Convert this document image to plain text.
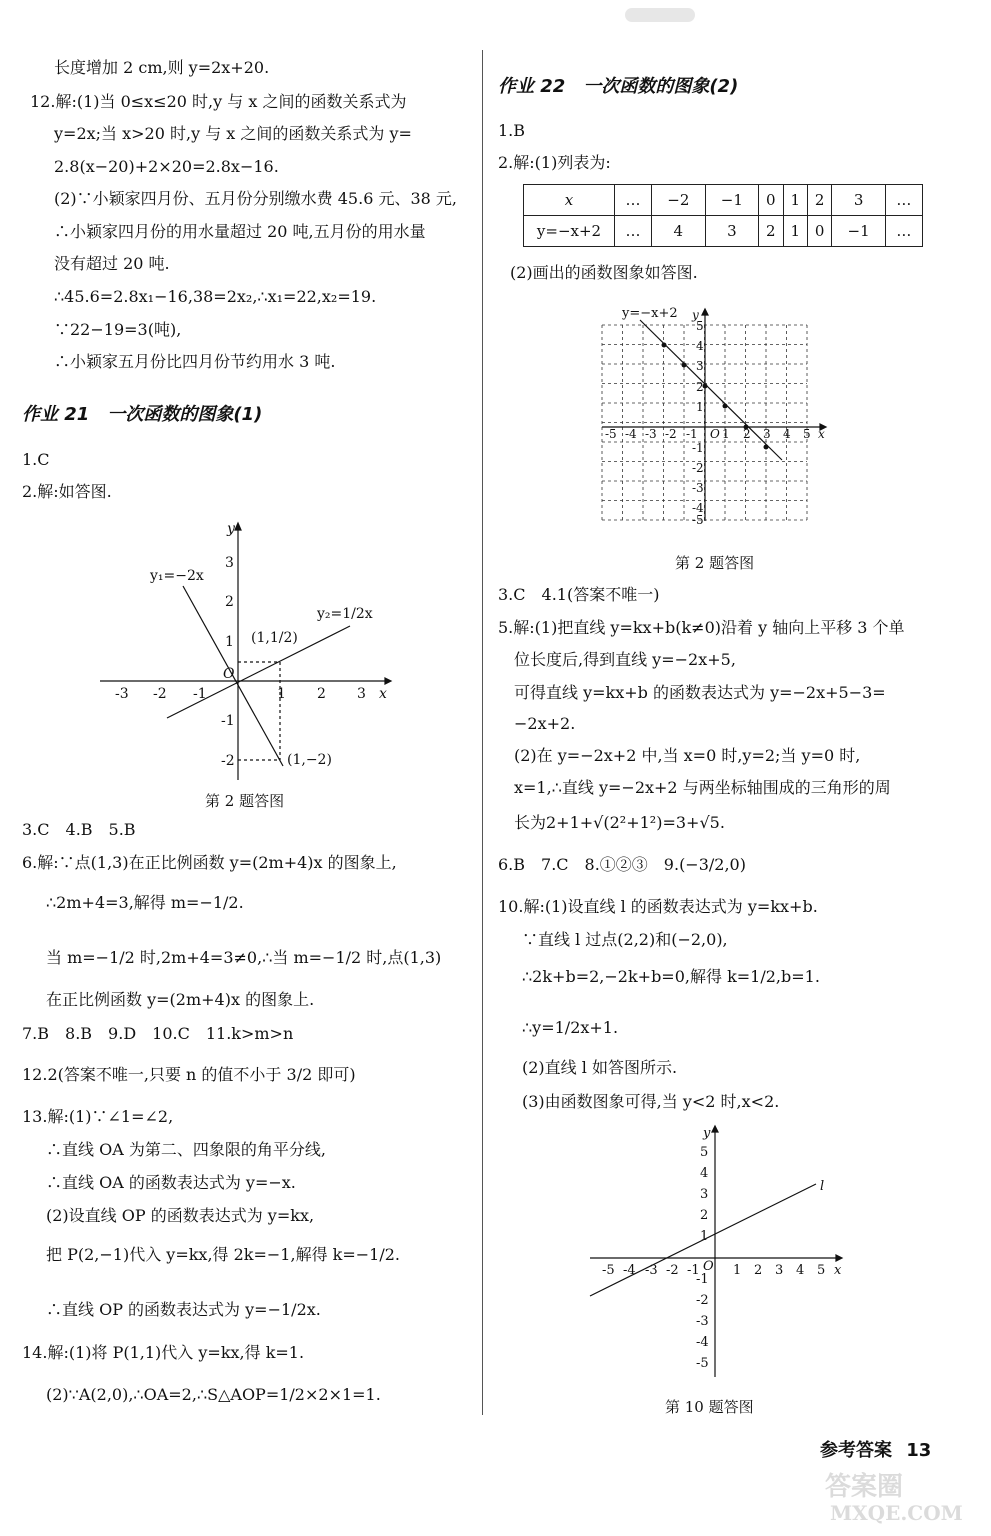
长度增加 2 cm,则 y=2x+20.
12.解:(1)当 0≤x≤20 时,y 与 x 之间的函数关系式为
y=2x;当 x>20 时,y 与 x 之间的函数关系式为 y=
2.8(x−20)+2×20=2.8x−16.
(2)∵小颖家四月份、五月份分别缴水费 45.6 元、38 元,
∴小颖家四月份的用水量超过 20 吨,五月份的用水量
没有超过 20 吨.
∴45.6=2.8x₁−16,38=2x₂,∴x₁=22,x₂=19.
∵22−19=3(吨),
∴小颖家五月份比四月份节约用水 3 吨.
作业 21　一次函数的图象(1)
1.C
2.解:如答图.
-3 -2 -1	1 2 3
3
2
1
-1
-2
O
x
y
y₁=−2x
y₂=1/2x
(1,1/2)
(1,−2)
第 2 题答图
3.C　4.B　5.B
6.解:∵点(1,3)在正比例函数 y=(2m+4)x 的图象上,
∴2m+4=3,解得 m=−1/2.
当 m=−1/2 时,2m+4=3≠0,∴当 m=−1/2 时,点(1,3)
在正比例函数 y=(2m+4)x 的图象上.
7.B　8.B　9.D　10.C　11.k>m>n
12.2(答案不唯一,只要 n 的值不小于 3/2 即可)
13.解:(1)∵∠1=∠2,
∴直线 OA 为第二、四象限的角平分线,
∴直线 OA 的函数表达式为 y=−x.
(2)设直线 OP 的函数表达式为 y=kx,
把 P(2,−1)代入 y=kx,得 2k=−1,解得 k=−1/2.
∴直线 OP 的函数表达式为 y=−1/2x.
14.解:(1)将 P(1,1)代入 y=kx,得 k=1.
(2)∵A(2,0),∴OA=2,∴S△AOP=1/2×2×1=1.
作业 22　一次函数的图象(2)
1.B
2.解:(1)列表为:
x	…	−2	−1	0	1	2	3	…
y=−x+2	…	4	3	2	1	0	−1	…
(2)画出的函数图象如答图.
-5 -4 -3 -2 -1 1 2 3 4 5
5
4
3
2
1
-1
-2
-3
-4
-5
O	x
y
y=−x+2
第 2 题答图
3.C　4.1(答案不唯一)
5.解:(1)把直线 y=kx+b(k≠0)沿着 y 轴向上平移 3 个单
位长度后,得到直线 y=−2x+5,
可得直线 y=kx+b 的函数表达式为 y=−2x+5−3=
−2x+2.
(2)在 y=−2x+2 中,当 x=0 时,y=2;当 y=0 时,
x=1,∴直线 y=−2x+2 与两坐标轴围成的三角形的周
长为2+1+√(2²+1²)=3+√5.
6.B　7.C　8.①②③　9.(−3/2,0)
10.解:(1)设直线 l 的函数表达式为 y=kx+b.
∵直线 l 过点(2,2)和(−2,0),
∴2k+b=2,−2k+b=0,解得 k=1/2,b=1.
∴y=1/2x+1.
(2)直线 l 如答图所示.
(3)由函数图象可得,当 y<2 时,x<2.
-5 -4 -3 -2 -1	1 2 3 4 5
5
4
3
2
1
-1
-2
-3
-4
-5
O	x
y
l
第 10 题答图
参考答案 13
答案圈
MXQE.COM
